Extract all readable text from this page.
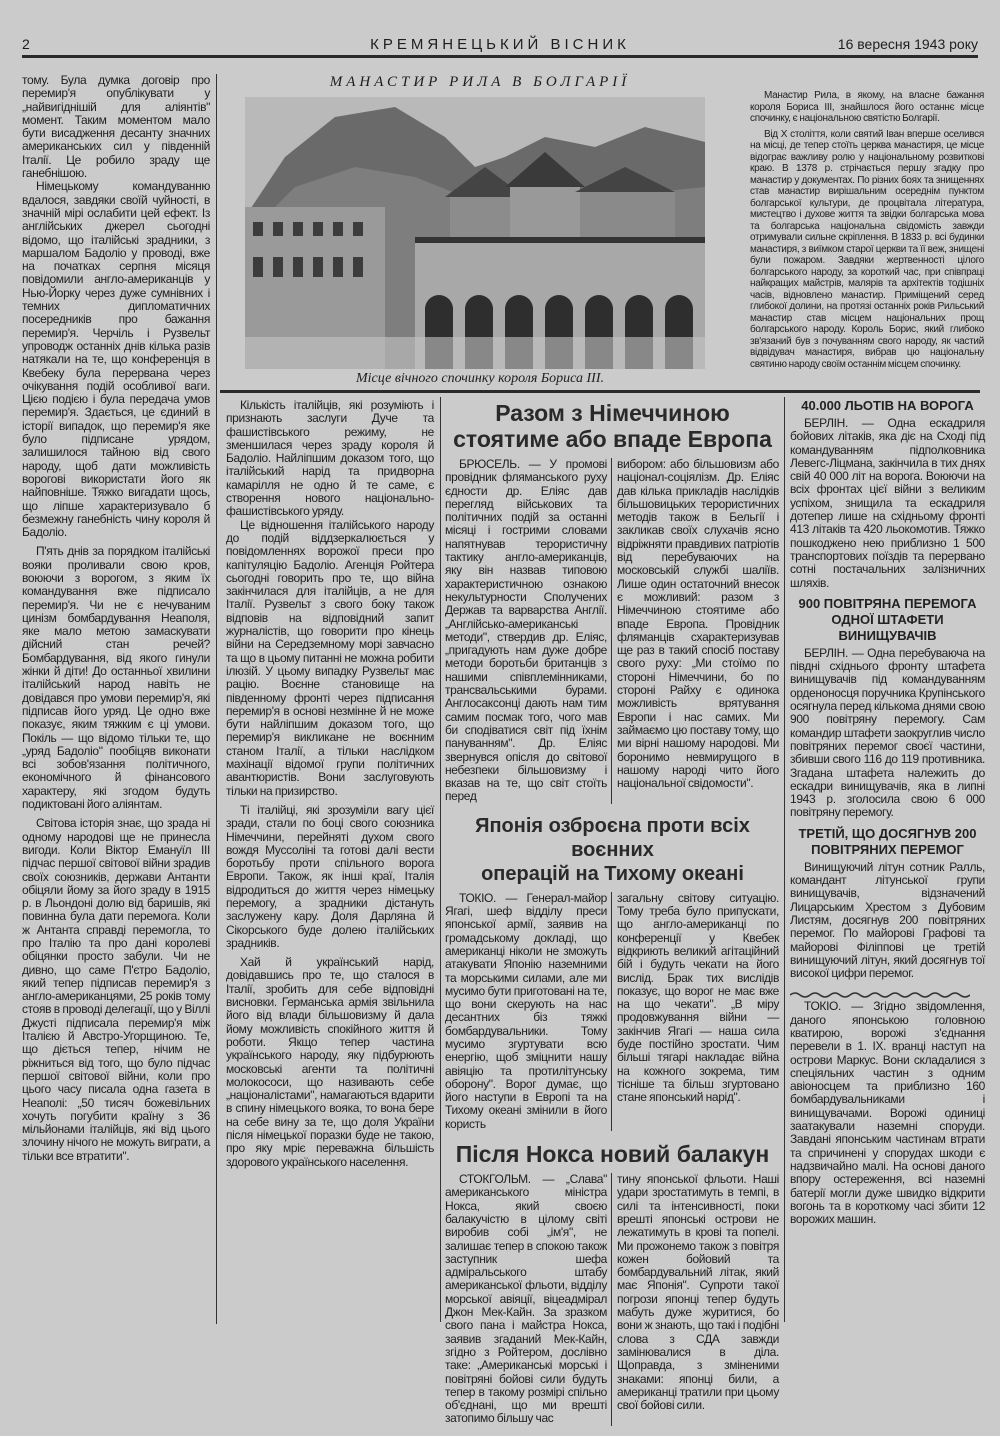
2	КРЕМЯНЕЦЬКИЙ ВІСНИК	16 вересня 1943 року

тому. Була думка договір про перемир'я опублікувати у „найвигіднішій для аліянтів" момент. Таким моментом мало бути висадження десанту значних американських сил у південній Італії. Це робило зраду ще ганебнішою.

Німецькому командуванню вдалося, завдяки своїй чуйності, в значній мірі ослабити цей ефект. Із англійських джерел сьогодні відомо, що італійські зрадники, з маршалом Бадоліо у проводі, вже на початках серпня місяця повідомили англо-американців у Нью-Йорку через дуже сумнівних і темних дипломатичних посередників про бажання перемир'я. Черчіль і Рузвельт упроводж останніх днів кілька разів натякали на те, що конференція в Квебеку була перервана через очікування подій особливої ваги. Цією подією і була передача умов перемир'я. Здається, це єдиний в історії випадок, що перемир'я яке було підписане урядом, залишилося тайною від свого народу, щоб дати можливість ворогові використати його як найповніше. Тяжко вигадати щось, що ліпше характеризувало б безмежну ганебність чину короля й Бадоліо.

П'ять днів за порядком італійські вояки проливали свою кров, воюючи з ворогом, з яким їх командування вже підписало перемир'я. Чи не є нечуваним цинізм бомбардування Неаполя, яке мало метою замаскувати дійсний стан речей? Бомбардування, від якого гинули жінки й діти! До останньої хвилини італійський народ навіть не довідався про умови перемир'я, які підписав його уряд. Це одно вже показує, яким тяжким є ці умови. Покіль — що відомо тільки те, що „уряд Бадоліо" пообіцяв виконати всі зобов'язання політичного, економічного й фінансового характеру, які згодом будуть подиктовані його аліянтам.

Світова історія знає, що зрада ні одному народові ще не принесла вигоди. Коли Віктор Емануїл III підчас першої світової війни зрадив своїх союзників, держави Антанти обіцяли йому за його зраду в 1915 р. в Льондоні долю від баришів, які повинна була дати перемога. Коли ж Антанта справді перемогла, то про Італію та про дані королеві обіцянки просто забули. Чи не дивно, що саме П'єтро Бадоліо, який тепер підписав перемир'я з англо-американцями, 25 років тому стояв в проводі делегації, що у Віллі Джусті підписала перемир'я між Італією й Австро-Угорщиною. Те, що діється тепер, нічим не ріжниться від того, що було підчас першої світової війни, коли про цього часу писала одна газета в Неаполі: „50 тисяч божевільних хочуть погубити країну з 36 мільйонами італійців, які від цього злочину нічого не можуть виграти, а тільки все втратити".

МАНАСТИР РИЛА В БОЛГАРІЇ
Місце вічного спочинку короля Бориса III.

Манастир Рила, в якому, на власне бажання короля Бориса III, знайшлося його останнє місце спочинку, є національною святістю Болгарії.

Від X століття, коли святий Іван вперше оселився на місці, де тепер стоїть церква манастиря, це місце відограє важливу ролю у національному розвиткові краю. В 1378 р. стрічається першу згадку про манастир у документах. По різних боях та знищеннях став манастир вирішальним осереднім пунктом болгарської культури, де процвітала література, мистецтво і духове життя та звідки болгарська мова та болгарська національна свідомість завжди отримували сильне скріплення. В 1833 р. всі будинки манастиря, з виїмком старої церкви та її веж, знищені були пожаром. Завдяки жертвенності цілого болгарського народу, за короткий час, при співпраці найкращих майстрів, малярів та архітектів тодішніх часів, відновлено манастир. Приміщений серед глибокої долини, на протязі останніх років Рильський манастир став місцем національних прощ болгарського народу. Король Борис, який глибоко зв'язаний був з почуванням свого народу, як частий відвідувач манастиря, вибрав цю національну святиню народу своїм останнім місцем спочинку.

Кількість італійців, які розуміють і признають заслуги Дуче та фашистівського режиму, не зменшилася через зраду короля й Бадоліо. Найліпшим доказом того, що італійський нарід та придворна камарілля не одно й те саме, є створення нового національно-фашистівського уряду.

Це відношення італійського народу до подій віддзеркалюється у повідомленнях ворожої преси про капітуляцію Бадоліо. Агенція Ройтера сьогодні говорить про те, що війна закінчилася для італійців, а не для Італії. Рузвельт з свого боку також відповів на відповідний запит журналістів, що говорити про кінець війни на Середземному морі завчасно та що в цьому питанні не можна робити ілюзій. У цьому випадку Рузвельт має рацію. Воєнне становище на південному фронті через підписання перемир'я в основі незмінне й не може бути найліпшим доказом того, що перемир'я викликане не воєнним станом Італії, а тільки наслідком махінації відомої групи політичних авантюристів. Вони заслуговують тільки на призирство.

Ті італійці, які зрозуміли вагу цієї зради, стали по боці свого союзника Німеччини, перейняті духом свого вождя Муссоліні та готові далі вести боротьбу проти спільного ворога Европи. Також, як інші краї, Італія відродиться до життя через німецьку перемогу, а зрадники дістануть заслужену кару. Доля Дарляна й Сікорського буде долею італійських зрадників.

Хай й український нарід, довідавшись про те, що сталося в Італії, зробить для себе відповідні висновки. Германська армія звільнила його від влади більшовизму й дала йому можливість спокійного життя й роботи. Якщо тепер частина українського народу, яку підбурюють московські агенти та політичні молокососи, що називають себе „націоналістами", намагаються вдарити в спину німецького вояка, то вона бере на себе вину за те, що доля України після німецької поразки буде не такою, про яку мріє переважна більшість здорового українського населення.

Разом з Німеччиною
стоятиме або впаде Европа

БРЮСЕЛЬ. — У промові провідник фляманського руху єдности др. Еліяс дав перегляд військових та політичних подій за останні місяці і гострими словами напятнував терористичну тактику англо-американців, яку він назвав типовою характеристичною ознакою некультурности Сполучених Держав та варварства Англії. „Англійсько-американські методи", ствердив др. Еліяс, „пригадують нам дуже добре методи боротьби британців з нашими співплемінниками, трансвальськими бурами. Англосаксонці дають нам тим самим посмак того, чого мав би сподіватися світ під їхнім пануванням". Др. Еліяс звернувся опісля до світової небезпеки більшовизму і вказав на те, що світ стоїть перед

вибором: або більшовизм або націонал-соціялізм. Др. Еліяс дав кілька прикладів наслідків більшовицьких терористичних методів також в Бельгії і закликав своїх слухачів ясно відріжняти правдивих патріотів від перебуваючих на московській службі шаліїв. Лише один остаточний внесок є можливий: разом з Німеччиною стоятиме або впаде Европа. Провідник фляманців схарактеризував ще раз в такий спосіб поставу свого руху: „Ми стоїмо по стороні Німеччини, бо по стороні Райху є одинока можливість врятування Европи і нас самих. Ми займаємо цю поставу тому, що ми вірні нашому народові. Ми боронимо невмирущого в нашому народі чито його національної свідомости".

Японія озброєна проти всіх воєнних
операцій на Тихому океані

ТОКІО. — Генерал-майор Ягагі, шеф відділу преси японської армії, заявив на громадському докладі, що американці ніколи не зможуть атакувати Японію наземними та морськими силами, але ми мусимо бути приготовані на те, що вони скерують на нас десантних біз тяжкі бомбардувальники. Тому мусимо згуртувати всю енергію, щоб зміцнити нашу авіяцію та протилітунську оборону". Ворог думає, що його наступи в Европі та на Тихому океані змінили в його користь

загальну світову ситуацію. Тому треба було припускати, що англо-американці по конференції у Квебек відкриють великий агітаційний бій і будуть чекати на його вислід. Брак тих вислідів показує, що ворог не має вже на що чекати". „В міру продовжування війни — закінчив Ягагі — наша сила буде постійно зростати. Чим більші тягарі накладає війна на кожного зокрема, тим тісніше та більш згуртовано стане японський нарід".

Після Нокса новий балакун

СТОКГОЛЬМ. — „Слава" американського міністра Нокса, який своєю балакучістю в цілому світі виробив собі „ім'я", не залишає тепер в спокою також заступник шефа адміральського штабу американської фльоти, відділу морської авіяції, віцеадмірал Джон Мек-Кайн. За зразком свого пана і майстра Нокса, заявив згаданий Мек-Кайн, згідно з Ройтером, дослівно таке: „Американські морські і повітряні бойові сили будуть тепер в такому розмірі спільно об'єднані, що ми врешті затопимо більшу час

тину японської фльоти. Наші удари зростатимуть в темпі, в силі та інтенсивності, поки врешті японські острови не лежатимуть в крові та попелі. Ми прожонемо також з повітря кожен бойовий та бомбардувальний літак, який має Японія". Супроти такої погрози японці тепер будуть мабуть дуже журитися, бо вони ж знають, що такі і подібні слова з СДА завжди замінювалися в діла. Щоправда, з зміненими знаками: японці били, а американці тратили при цьому свої бойові сили.

40.000 ЛЬОТІВ НА ВОРОГА

БЕРЛІН. — Одна ескадриля бойових літаків, яка діє на Сході під командуванням підполковника Левегс-Ліцмана, закінчила в тих днях свій 40 000 літ на ворога. Воюючи на всіх фронтах цієї війни з великим успіхом, знищила та ескадриля дотепер лише на східньому фронті 413 літаків та 420 льокомотив. Тяжко пошкоджено нею приблизно 1 500 транспортових поїздів та перервано сотні постачальних залізничних шляхів.

900 ПОВІТРЯНА ПЕРЕМОГА ОДНОЇ ШТАФЕТИ ВИНИЩУВАЧІВ

БЕРЛІН. — Одна перебуваюча на півдні східнього фронту штафета винищувачів під командуванням орденоносця поручника Крупінського осягнула перед кількома днями свою 900 повітряну перемогу. Сам командир штафети заокруглив число повітряних перемог своєї частини, збивши свого 116 до 119 противника. Згадана штафета належить до ескадри винищувачів, яка в липні 1943 р. зголосила свою 6 000 повітряну перемогу.

ТРЕТІЙ, ЩО ДОСЯГНУВ 200 ПОВІТРЯНИХ ПЕРЕМОГ

Винищуючий літун сотник Ралль, командант літунської групи винищувачів, відзначений Лицарським Хрестом з Дубовим Листям, досягнув 200 повітряних перемог. По майорові Графові та майорові Філіппові це третій винищуючий літун, який досягнув тої високої цифри перемог.

ТОКІО. — Згідно звідомлення, даного японською головною кватирою, ворожі з'єднання перевели в 1. IX. вранці наступ на острови Маркус. Вони складалися з спеціяльних частин з одним авіоносцем та приблизно 160 бомбардувальниками і винищувачами. Ворожі одиниці заатакували наземні споруди. Завдані японським частинам втрати та спричинені у спорудах шкоди є надзвичайно малі. На основі даного впору остереження, всі наземні батерії могли дуже швидко відкрити вогонь та в короткому часі збити 12 ворожих машин.
